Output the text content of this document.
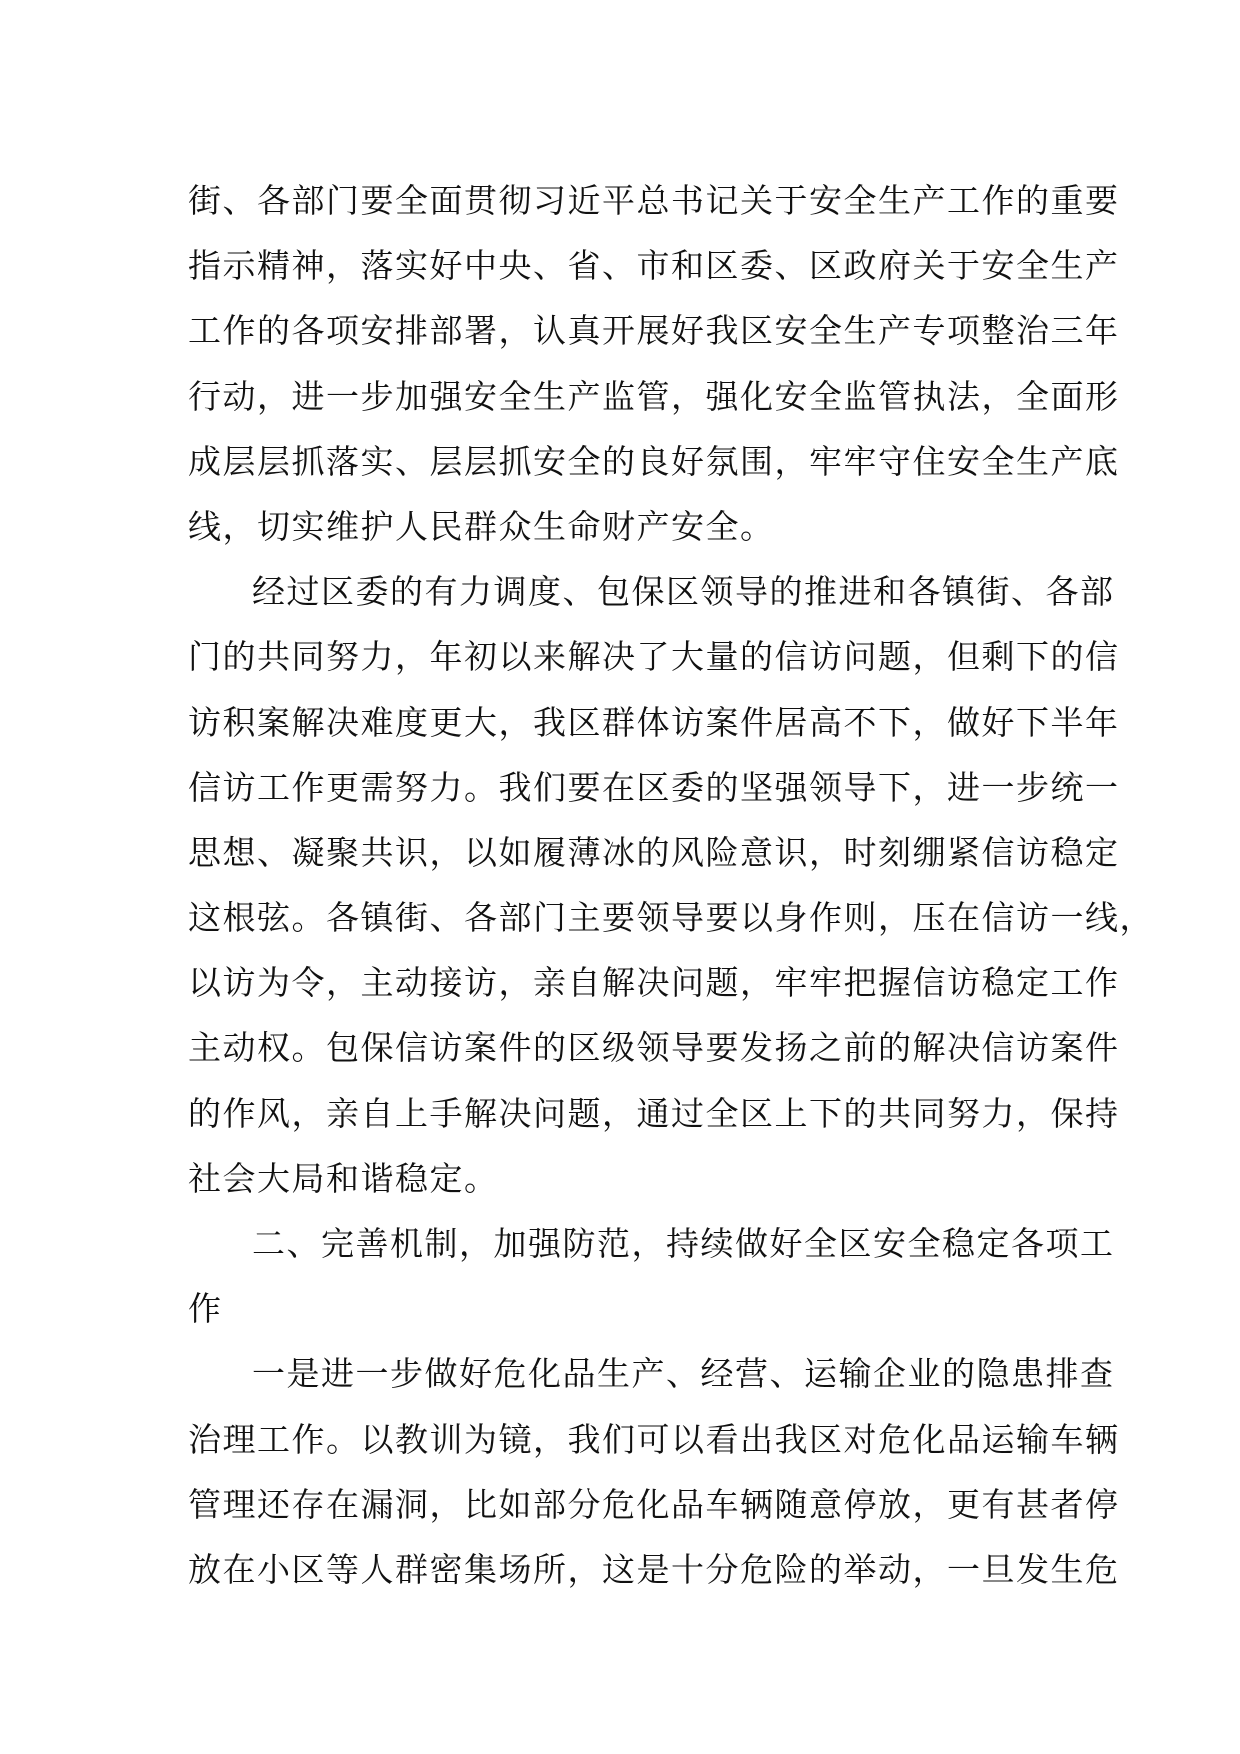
街、各部门要全面贯彻习近平总书记关于安全生产工作的重要
指示精神，落实好中央、省、市和区委、区政府关于安全生产
工作的各项安排部署，认真开展好我区安全生产专项整治三年
行动，进一步加强安全生产监管，强化安全监管执法，全面形
成层层抓落实、层层抓安全的良好氛围，牢牢守住安全生产底
线，切实维护人民群众生命财产安全。
经过区委的有力调度、包保区领导的推进和各镇街、各部
门的共同努力，年初以来解决了大量的信访问题，但剩下的信
访积案解决难度更大，我区群体访案件居高不下，做好下半年
信访工作更需努力。我们要在区委的坚强领导下，进一步统一
思想、凝聚共识，以如履薄冰的风险意识，时刻绷紧信访稳定
这根弦。各镇街、各部门主要领导要以身作则，压在信访一线，
以访为令，主动接访，亲自解决问题，牢牢把握信访稳定工作
主动权。包保信访案件的区级领导要发扬之前的解决信访案件
的作风，亲自上手解决问题，通过全区上下的共同努力，保持
社会大局和谐稳定。
二、完善机制，加强防范，持续做好全区安全稳定各项工
作
一是进一步做好危化品生产、经营、运输企业的隐患排查
治理工作。以教训为镜，我们可以看出我区对危化品运输车辆
管理还存在漏洞，比如部分危化品车辆随意停放，更有甚者停
放在小区等人群密集场所，这是十分危险的举动，一旦发生危
